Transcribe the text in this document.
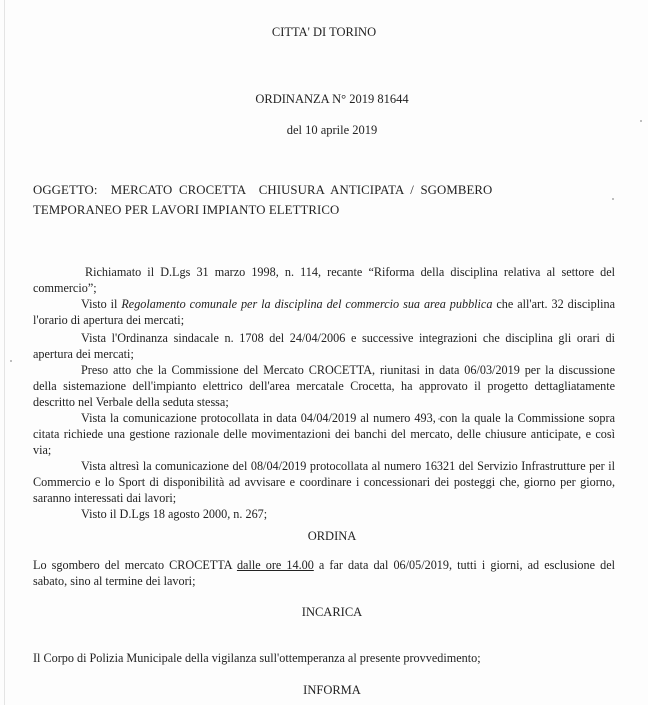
CITTA' DI TORINO
ORDINANZA N° 2019 81644
del 10 aprile 2019
OGGETTO:    MERCATO  CROCETTA    CHIUSURA  ANTICIPATA  /  SGOMBERO
TEMPORANEO PER LAVORI IMPIANTO ELETTRICO
Richiamato il D.Lgs 31 marzo 1998, n. 114, recante “Riforma della disciplina relativa al settore del commercio”;
Visto il Regolamento comunale per la disciplina del commercio sua area pubblica che all'art. 32 disciplina l'orario di apertura dei mercati;
Vista l'Ordinanza sindacale n. 1708 del 24/04/2006 e successive integrazioni che disciplina gli orari di apertura dei mercati;
Preso atto che la Commissione del Mercato CROCETTA, riunitasi in data 06/03/2019 per la discussione della sistemazione dell'impianto elettrico dell'area mercatale Crocetta, ha approvato il progetto dettagliatamente descritto nel Verbale della seduta stessa;
Vista la comunicazione protocollata in data 04/04/2019 al numero 493, con la quale la Commissione sopra citata richiede una gestione razionale delle movimentazioni dei banchi del mercato, delle chiusure anticipate, e così via;
Vista altresì la comunicazione del 08/04/2019 protocollata al numero 16321 del Servizio Infrastrutture per il Commercio e lo Sport di disponibilità ad avvisare e coordinare i concessionari dei posteggi che, giorno per giorno, saranno interessati dai lavori;
Visto il D.Lgs 18 agosto 2000, n. 267;
ORDINA
Lo sgombero del mercato CROCETTA dalle ore 14.00 a far data dal 06/05/2019, tutti i giorni, ad esclusione del sabato, sino al termine dei lavori;
INCARICA
Il Corpo di Polizia Municipale della vigilanza sull'ottemperanza al presente provvedimento;
INFORMA
